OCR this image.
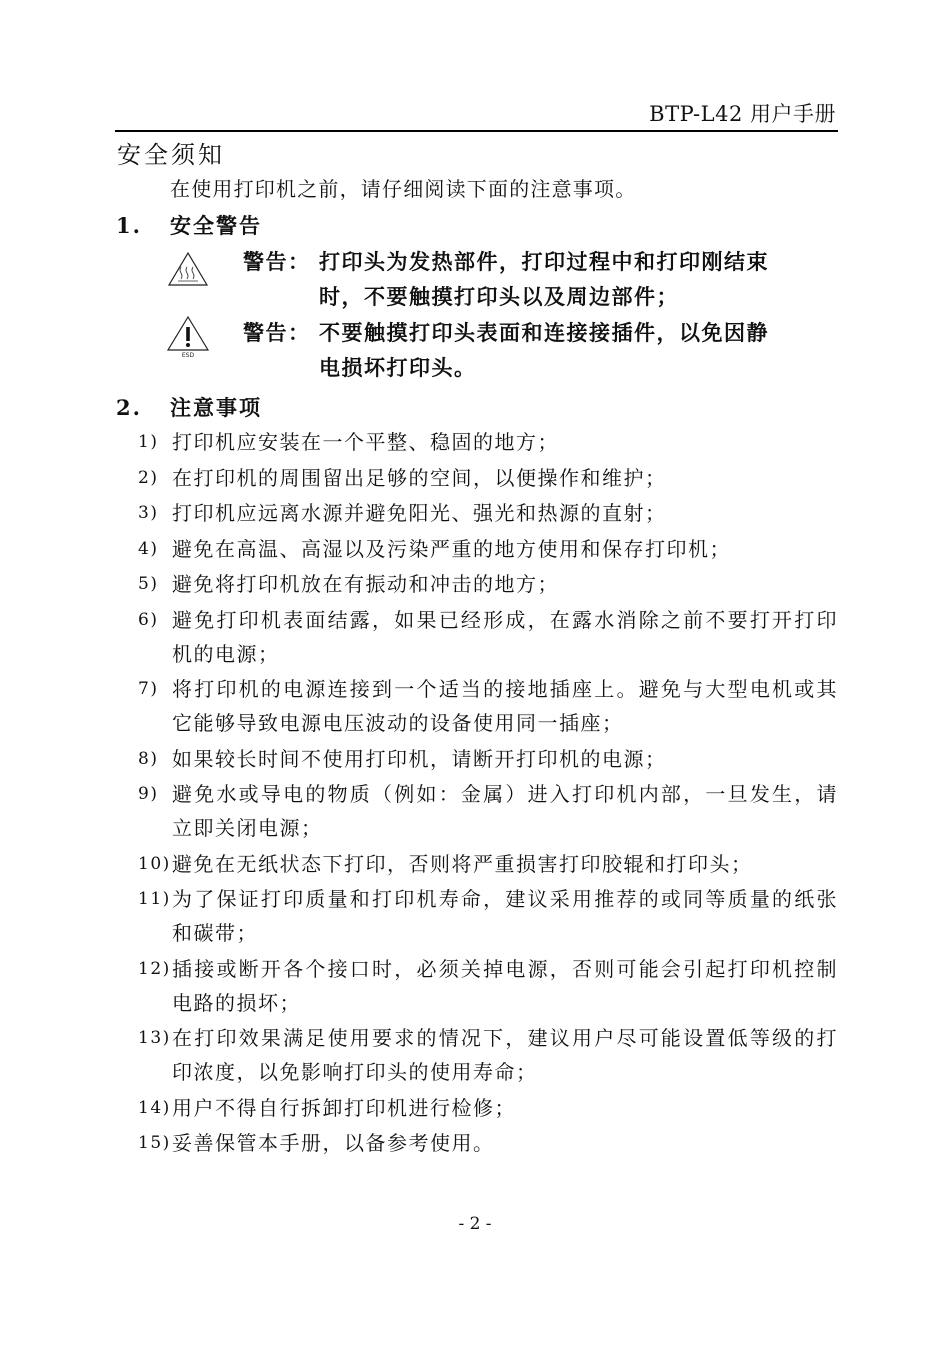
BTP-L42 用户手册
安全须知
在使用打印机之前，请仔细阅读下面的注意事项。
1. 安全警告
警告： 打印头为发热部件，打印过程中和打印刚结束
时，不要触摸打印头以及周边部件；
ESD
警告： 不要触摸打印头表面和连接接插件，以免因静
电损坏打印头。
2. 注意事项
1) 打印机应安装在一个平整、稳固的地方；
2) 在打印机的周围留出足够的空间，以便操作和维护；
3) 打印机应远离水源并避免阳光、强光和热源的直射；
4) 避免在高温、高湿以及污染严重的地方使用和保存打印机；
5) 避免将打印机放在有振动和冲击的地方；
6) 避免打印机表面结露，如果已经形成，在露水消除之前不要打开打印机的电源；
7) 将打印机的电源连接到一个适当的接地插座上。避免与大型电机或其它能够导致电源电压波动的设备使用同一插座；
8) 如果较长时间不使用打印机，请断开打印机的电源；
9) 避免水或导电的物质（例如：金属）进入打印机内部，一旦发生，请立即关闭电源；
10) 避免在无纸状态下打印，否则将严重损害打印胶辊和打印头；
11) 为了保证打印质量和打印机寿命，建议采用推荐的或同等质量的纸张和碳带；
12) 插接或断开各个接口时，必须关掉电源，否则可能会引起打印机控制电路的损坏；
13) 在打印效果满足使用要求的情况下，建议用户尽可能设置低等级的打印浓度，以免影响打印头的使用寿命；
14) 用户不得自行拆卸打印机进行检修；
15) 妥善保管本手册，以备参考使用。
- 2 -
